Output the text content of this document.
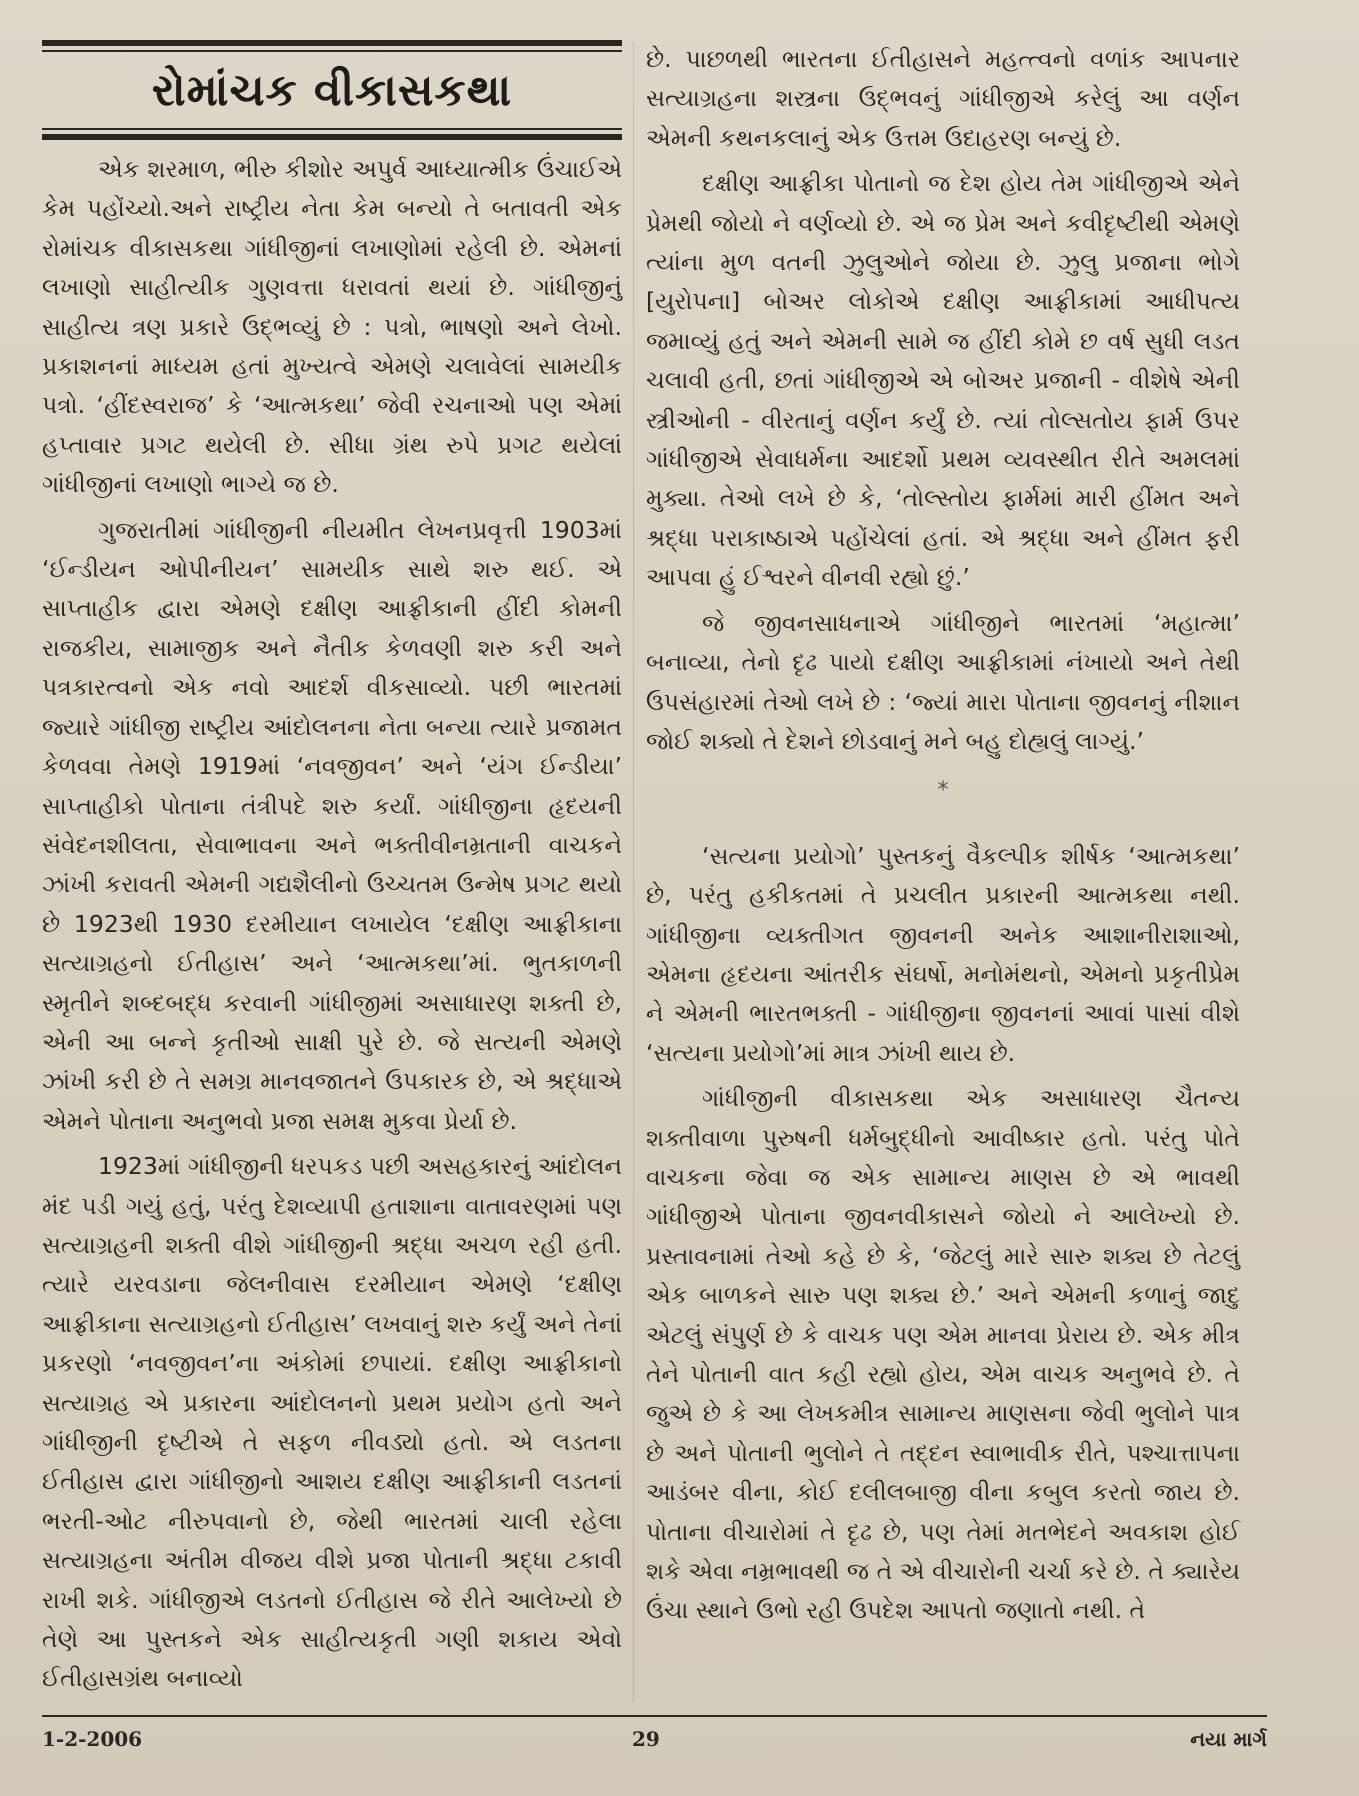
રોમાંચક વીકાસકથા

એક શરમાળ, ભીરુ કીશોર અપુર્વ આધ્યાત્મીક ઉંચાઈએ કેમ પહોંચ્યો.અને રાષ્ટ્રીય નેતા કેમ બન્યો તે બતાવતી એક રોમાંચક વીકાસકથા ગાંધીજીનાં લખાણોમાં રહેલી છે. એમનાં લખાણો સાહીત્યીક ગુણવત્તા ધરાવતાં થયાં છે. ગાંધીજીનું સાહીત્ય ત્રણ પ્રકારે ઉદ્ભવ્યું છે : પત્રો, ભાષણો અને લેખો. પ્રકાશનનાં માધ્યમ હતાં મુખ્યત્વે એમણે ચલાવેલાં સામયીક પત્રો. ‘હીંદસ્વરાજ’ કે ‘આત્મકથા’ જેવી રચનાઓ પણ એમાં હપ્તાવાર પ્રગટ થયેલી છે. સીધા ગ્રંથ રુપે પ્રગટ થયેલાં ગાંધીજીનાં લખાણો ભાગ્યે જ છે.

ગુજરાતીમાં ગાંધીજીની નીયમીત લેખનપ્રવૃત્તી 1903માં ‘ઈન્ડીયન ઓપીનીયન’ સામયીક સાથે શરુ થઈ. એ સાપ્તાહીક દ્વારા એમણે દક્ષીણ આફ્રીકાની હીંદી કોમની રાજકીય, સામાજીક અને નૈતીક કેળવણી શરુ કરી અને પત્રકારત્વનો એક નવો આદર્શ વીકસાવ્યો. પછી ભારતમાં જ્યારે ગાંધીજી રાષ્ટ્રીય આંદોલનના નેતા બન્યા ત્યારે પ્રજામત કેળવવા તેમણે 1919માં ‘નવજીવન’ અને ‘યંગ ઈન્ડીયા’ સાપ્તાહીકો પોતાના તંત્રીપદે શરુ કર્યાં. ગાંધીજીના હૃદયની સંવેદનશીલતા, સેવાભાવના અને ભક્તીવીનમ્રતાની વાચકને ઝાંખી કરાવતી એમની ગદ્યશૈલીનો ઉચ્ચતમ ઉન્મેષ પ્રગટ થયો છે 1923થી 1930 દરમીયાન લખાયેલ ‘દક્ષીણ આફ્રીકાના સત્યાગ્રહનો ઈતીહાસ’ અને ‘આત્મકથા’માં. ભુતકાળની સ્મૃતીને શબ્દબદ્ધ કરવાની ગાંધીજીમાં અસાધારણ શક્તી છે, એની આ બન્ને કૃતીઓ સાક્ષી પુરે છે. જે સત્યની એમણે ઝાંખી કરી છે તે સમગ્ર માનવજાતને ઉપકારક છે, એ શ્રદ્ધાએ એમને પોતાના અનુભવો પ્રજા સમક્ષ મુકવા પ્રેર્યા છે.

1923માં ગાંધીજીની ધરપકડ પછી અસહકારનું આંદોલન મંદ પડી ગયું હતું, પરંતુ દેશવ્યાપી હતાશાના વાતાવરણમાં પણ સત્યાગ્રહની શક્તી વીશે ગાંધીજીની શ્રદ્ધા અચળ રહી હતી. ત્યારે યરવડાના જેલનીવાસ દરમીયાન એમણે ‘દક્ષીણ આફ્રીકાના સત્યાગ્રહનો ઈતીહાસ’ લખવાનું શરુ કર્યું અને તેનાં પ્રકરણો ‘નવજીવન’ના અંકોમાં છપાયાં. દક્ષીણ આફ્રીકાનો સત્યાગ્રહ એ પ્રકારના આંદોલનનો પ્રથમ પ્રયોગ હતો અને ગાંધીજીની દૃષ્ટીએ તે સફળ નીવડ્યો હતો. એ લડતના ઈતીહાસ દ્વારા ગાંધીજીનો આશય દક્ષીણ આફ્રીકાની લડતનાં ભરતી-ઓટ નીરુપવાનો છે, જેથી ભારતમાં ચાલી રહેલા સત્યાગ્રહના અંતીમ વીજય વીશે પ્રજા પોતાની શ્રદ્ધા ટકાવી રાખી શકે. ગાંધીજીએ લડતનો ઈતીહાસ જે રીતે આલેખ્યો છે તેણે આ પુસ્તકને એક સાહીત્યકૃતી ગણી શકાય એવો ઈતીહાસગ્રંથ બનાવ્યો

છે. પાછળથી ભારતના ઈતીહાસને મહત્ત્વનો વળાંક આપનાર સત્યાગ્રહના શસ્ત્રના ઉદ્ભવનું ગાંધીજીએ કરેલું આ વર્ણન એમની કથનકલાનું એક ઉત્તમ ઉદાહરણ બન્યું છે.

દક્ષીણ આફ્રીકા પોતાનો જ દેશ હોય તેમ ગાંધીજીએ એને પ્રેમથી જોયો ને વર્ણવ્યો છે. એ જ પ્રેમ અને કવીદૃષ્ટીથી એમણે ત્યાંના મુળ વતની ઝુલુઓને જોયા છે. ઝુલુ પ્રજાના ભોગે [યુરોપના] બોઅર લોકોએ દક્ષીણ આફ્રીકામાં આધીપત્ય જમાવ્યું હતું અને એમની સામે જ હીંદી કોમે છ વર્ષ સુધી લડત ચલાવી હતી, છતાં ગાંધીજીએ એ બોઅર પ્રજાની - વીશેષે એની સ્ત્રીઓની - વીરતાનું વર્ણન કર્યું છે. ત્યાં તોલ્સતોય ફાર્મ ઉપર ગાંધીજીએ સેવાધર્મના આદર્શો પ્રથમ વ્યવસ્થીત રીતે અમલમાં મુક્યા. તેઓ લખે છે કે, ‘તોલ્સ્તોય ફાર્મમાં મારી હીંમત અને શ્રદ્ધા પરાકાષ્ઠાએ પહોંચેલાં હતાં. એ શ્રદ્ધા અને હીંમત ફરી આપવા હું ઈશ્વરને વીનવી રહ્યો છું.’

જે જીવનસાધનાએ ગાંધીજીને ભારતમાં ‘મહાત્મા’ બનાવ્યા, તેનો દૃઢ પાયો દક્ષીણ આફ્રીકામાં નંખાયો અને તેથી ઉપસંહારમાં તેઓ લખે છે : ‘જ્યાં મારા પોતાના જીવનનું નીશાન જોઈ શક્યો તે દેશને છોડવાનું મને બહુ દોહ્યલું લાગ્યું.’

*

‘સત્યના પ્રયોગો’ પુસ્તકનું વૈકલ્પીક શીર્ષક ‘આત્મકથા’ છે, પરંતુ હકીકતમાં તે પ્રચલીત પ્રકારની આત્મકથા નથી. ગાંધીજીના વ્યક્તીગત જીવનની અનેક આશાનીરાશાઓ, એમના હૃદયના આંતરીક સંઘર્ષો, મનોમંથનો, એમનો પ્રકૃતીપ્રેમ ને એમની ભારતભક્તી - ગાંધીજીના જીવનનાં આવાં પાસાં વીશે ‘સત્યના પ્રયોગો’માં માત્ર ઝાંખી થાય છે.

ગાંધીજીની વીકાસકથા એક અસાધારણ ચૈતન્ય શક્તીવાળા પુરુષની ધર્મબુદ્ધીનો આવીષ્કાર હતો. પરંતુ પોતે વાચકના જેવા જ એક સામાન્ય માણસ છે એ ભાવથી ગાંધીજીએ પોતાના જીવનવીકાસને જોયો ને આલેખ્યો છે. પ્રસ્તાવનામાં તેઓ કહે છે કે, ‘જેટલું મારે સારુ શક્ય છે તેટલું એક બાળકને સારુ પણ શક્ય છે.’ અને એમની કળાનું જાદુ એટલું સંપુર્ણ છે કે વાચક પણ એમ માનવા પ્રેરાય છે. એક મીત્ર તેને પોતાની વાત કહી રહ્યો હોય, એમ વાચક અનુભવે છે. તે જુએ છે કે આ લેખકમીત્ર સામાન્ય માણસના જેવી ભુલોને પાત્ર છે અને પોતાની ભુલોને તે તદ્દન સ્વાભાવીક રીતે, પશ્ચાત્તાપના આડંબર વીના, કોઈ દલીલબાજી વીના કબુલ કરતો જાય છે. પોતાના વીચારોમાં તે દૃઢ છે, પણ તેમાં મતભેદને અવકાશ હોઈ શકે એવા નમ્રભાવથી જ તે એ વીચારોની ચર્ચા કરે છે. તે ક્યારેય ઉંચા સ્થાને ઉભો રહી ઉપદેશ આપતો જણાતો નથી. તે

1-2-2006	29	નયા માર્ગ
